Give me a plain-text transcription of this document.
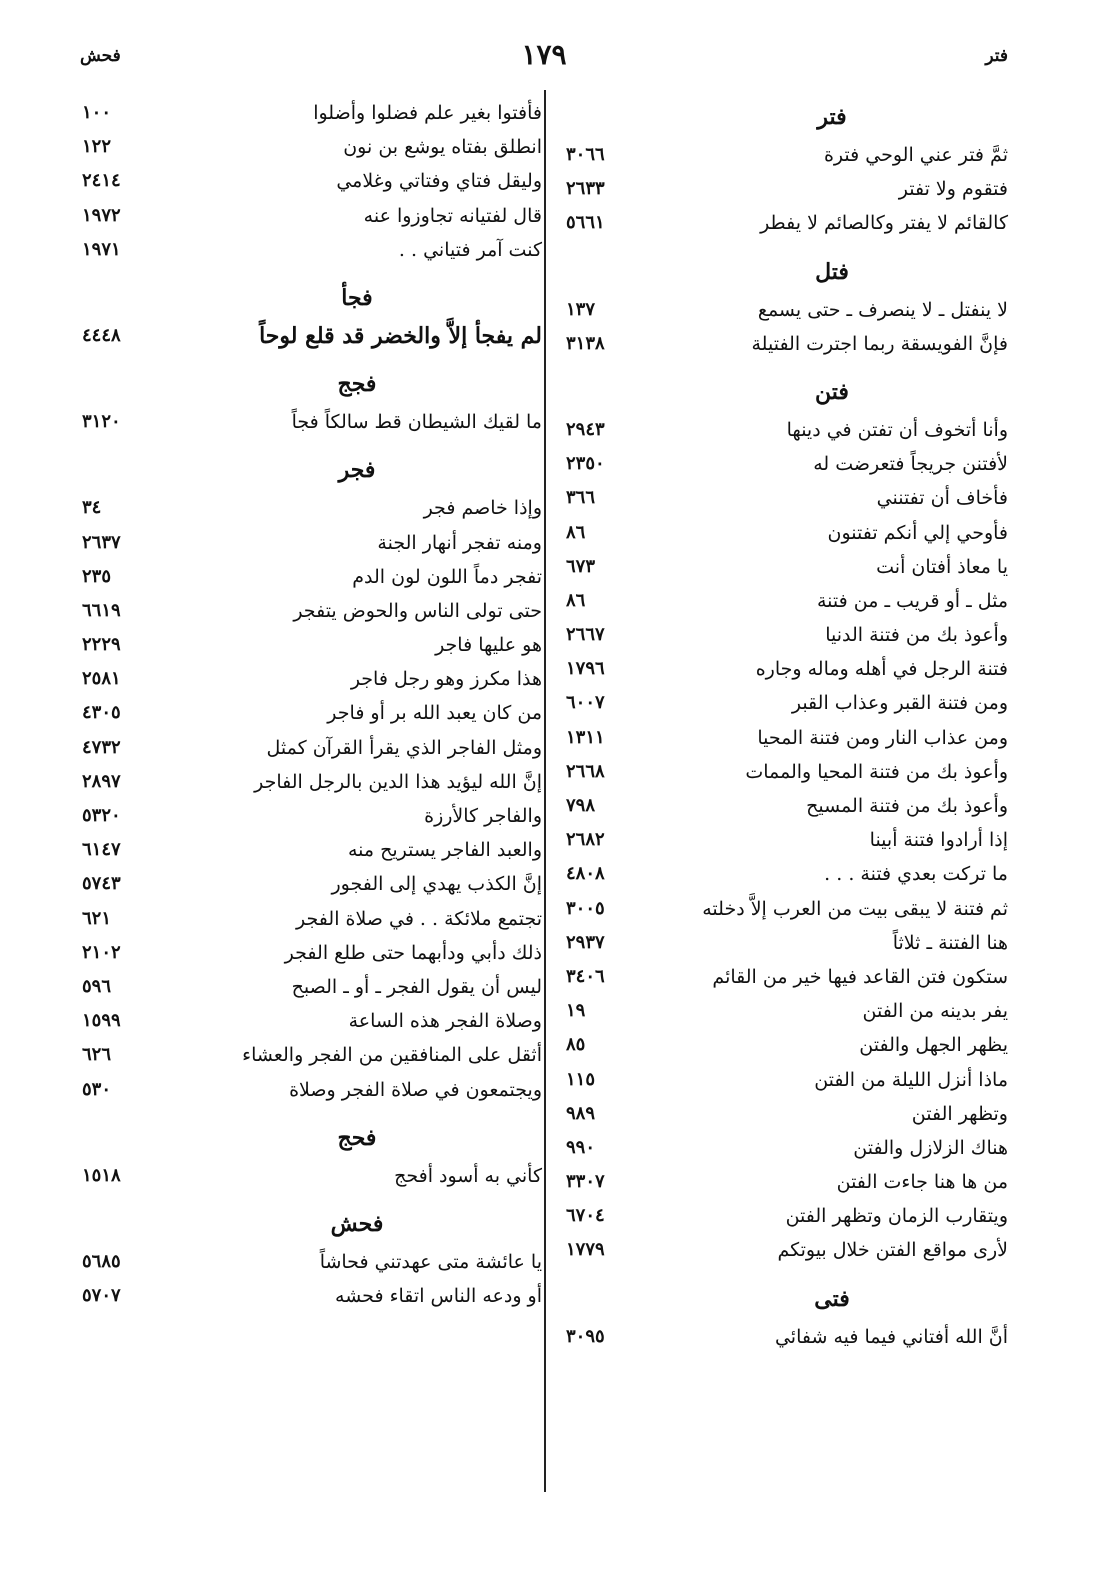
فتر
١٧٩
فحش
فتر
ثمَّ فتر عني الوحي فترة
٣٠٦٦
فتقوم ولا تفتر
٢٦٣٣
كالقائم لا يفتر وكالصائم لا يفطر
٥٦٦١
فتل
لا ينفتل ـ لا ينصرف ـ حتى يسمع
١٣٧
فإنَّ الفويسقة ربما اجترت الفتيلة
٣١٣٨
فتن
وأنا أتخوف أن تفتن في دينها
٢٩٤٣
لأفتنن جريجاً فتعرضت له
٢٣٥٠
فأخاف أن تفتنني
٣٦٦
فأوحي إلي أنكم تفتنون
٨٦
يا معاذ أفتان أنت
٦٧٣
مثل ـ أو قريب ـ من فتنة
٨٦
وأعوذ بك من فتنة الدنيا
٢٦٦٧
فتنة الرجل في أهله وماله وجاره
١٧٩٦
ومن فتنة القبر وعذاب القبر
٦٠٠٧
ومن عذاب النار ومن فتنة المحيا
١٣١١
وأعوذ بك من فتنة المحيا والممات
٢٦٦٨
وأعوذ بك من فتنة المسيح
٧٩٨
إذا أرادوا فتنة أبينا
٢٦٨٢
ما تركت بعدي فتنة . . .
٤٨٠٨
ثم فتنة لا يبقى بيت من العرب إلاَّ دخلته
٣٠٠٥
هنا الفتنة ـ ثلاثاً
٢٩٣٧
ستكون فتن القاعد فيها خير من القائم
٣٤٠٦
يفر بدينه من الفتن
١٩
يظهر الجهل والفتن
٨٥
ماذا أنزل الليلة من الفتن
١١٥
وتظهر الفتن
٩٨٩
هناك الزلازل والفتن
٩٩٠
من ها هنا جاءت الفتن
٣٣٠٧
ويتقارب الزمان وتظهر الفتن
٦٧٠٤
لأرى مواقع الفتن خلال بيوتكم
١٧٧٩
فتى
أنَّ الله أفتاني فيما فيه شفائي
٣٠٩٥
فأفتوا بغير علم فضلوا وأضلوا
١٠٠
انطلق بفتاه يوشع بن نون
١٢٢
وليقل فتاي وفتاتي وغلامي
٢٤١٤
قال لفتيانه تجاوزوا عنه
١٩٧٢
كنت آمر فتياني . .
١٩٧١
فجأ
لم يفجأ إلاَّ والخضر قد قلع لوحاً
٤٤٤٨
فجج
ما لقيك الشيطان قط سالكاً فجاً
٣١٢٠
فجر
وإذا خاصم فجر
٣٤
ومنه تفجر أنهار الجنة
٢٦٣٧
تفجر دماً اللون لون الدم
٢٣٥
حتى تولى الناس والحوض يتفجر
٦٦١٩
هو عليها فاجر
٢٢٢٩
هذا مكرز وهو رجل فاجر
٢٥٨١
من كان يعبد الله بر أو فاجر
٤٣٠٥
ومثل الفاجر الذي يقرأ القرآن كمثل
٤٧٣٢
إنَّ الله ليؤيد هذا الدين بالرجل الفاجر
٢٨٩٧
والفاجر كالأرزة
٥٣٢٠
والعبد الفاجر يستريح منه
٦١٤٧
إنَّ الكذب يهدي إلى الفجور
٥٧٤٣
تجتمع ملائكة . . في صلاة الفجر
٦٢١
ذلك دأبي ودأبهما حتى طلع الفجر
٢١٠٢
ليس أن يقول الفجر ـ أو ـ الصبح
٥٩٦
وصلاة الفجر هذه الساعة
١٥٩٩
أثقل على المنافقين من الفجر والعشاء
٦٢٦
ويجتمعون في صلاة الفجر وصلاة
٥٣٠
فحج
كأني به أسود أفحج
١٥١٨
فحش
يا عائشة متى عهدتني فحاشاً
٥٦٨٥
أو ودعه الناس اتقاء فحشه
٥٧٠٧
